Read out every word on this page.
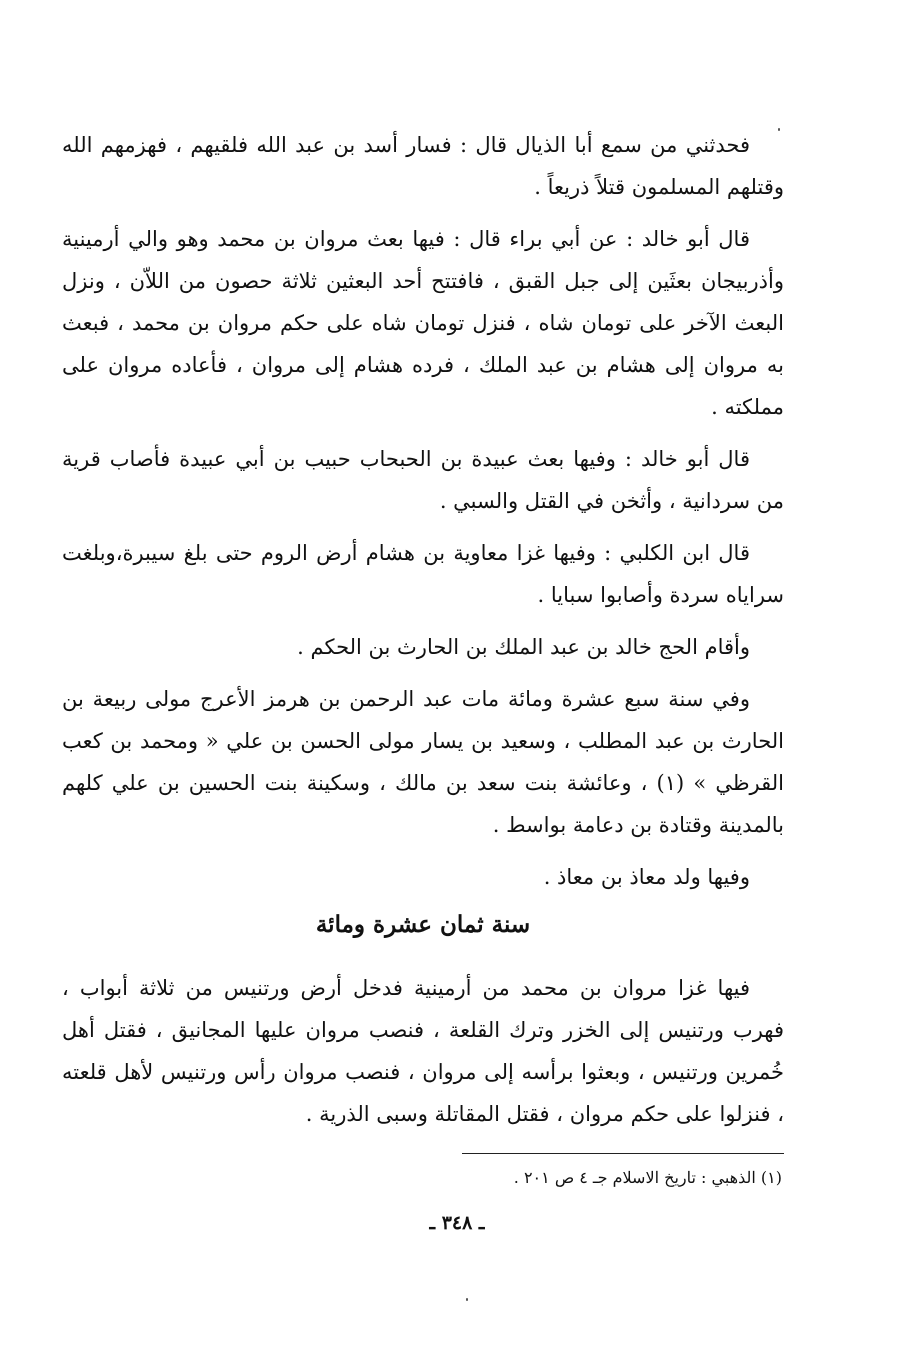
فحدثني من سمع أبا الذيال قال : فسار أسد بن عبد الله فلقيهم ، فهزمهم الله وقتلهم المسلمون قتلاً ذريعاً .

قال أبو خالد : عن أبي براء قال : فيها بعث مروان بن محمد وهو والي أرمينية وأذربيجان بعثَين إلى جبل القبق ، فافتتح أحد البعثين ثلاثة حصون من اللاّن ، ونزل البعث الآخر على تومان شاه ، فنزل تومان شاه على حكم مروان بن محمد ، فبعث به مروان إلى هشام بن عبد الملك ، فرده هشام إلى مروان ، فأعاده مروان على مملكته .

قال أبو خالد : وفيها بعث عبيدة بن الحبحاب حبيب بن أبي عبيدة فأصاب قرية من سردانية ، وأثخن في القتل والسبي .

قال ابن الكلبي : وفيها غزا معاوية بن هشام أرض الروم حتى بلغ سيبرة،وبلغت سراياه سردة وأصابوا سبايا .

وأقام الحج خالد بن عبد الملك بن الحارث بن الحكم .

وفي سنة سبع عشرة ومائة مات عبد الرحمن بن هرمز الأعرج مولى ربيعة بن الحارث بن عبد المطلب ، وسعيد بن يسار مولى الحسن بن علي « ومحمد بن كعب القرظي » (١) ، وعائشة بنت سعد بن مالك ، وسكينة بنت الحسين بن علي كلهم بالمدينة وقتادة بن دعامة بواسط .

وفيها ولد معاذ بن معاذ .

سنة ثمان عشرة ومائة

فيها غزا مروان بن محمد من أرمينية فدخل أرض ورتنيس من ثلاثة أبواب ، فهرب ورتنيس إلى الخزر وترك القلعة ، فنصب مروان عليها المجانيق ، فقتل أهل خُمرين ورتنيس ، وبعثوا برأسه إلى مروان ، فنصب مروان رأس ورتنيس لأهل قلعته ، فنزلوا على حكم مروان ، فقتل المقاتلة وسبى الذرية .

(١) الذهبي : تاريخ الاسلام جـ ٤ ص ٢٠١ .
ـ ٣٤٨ ـ
